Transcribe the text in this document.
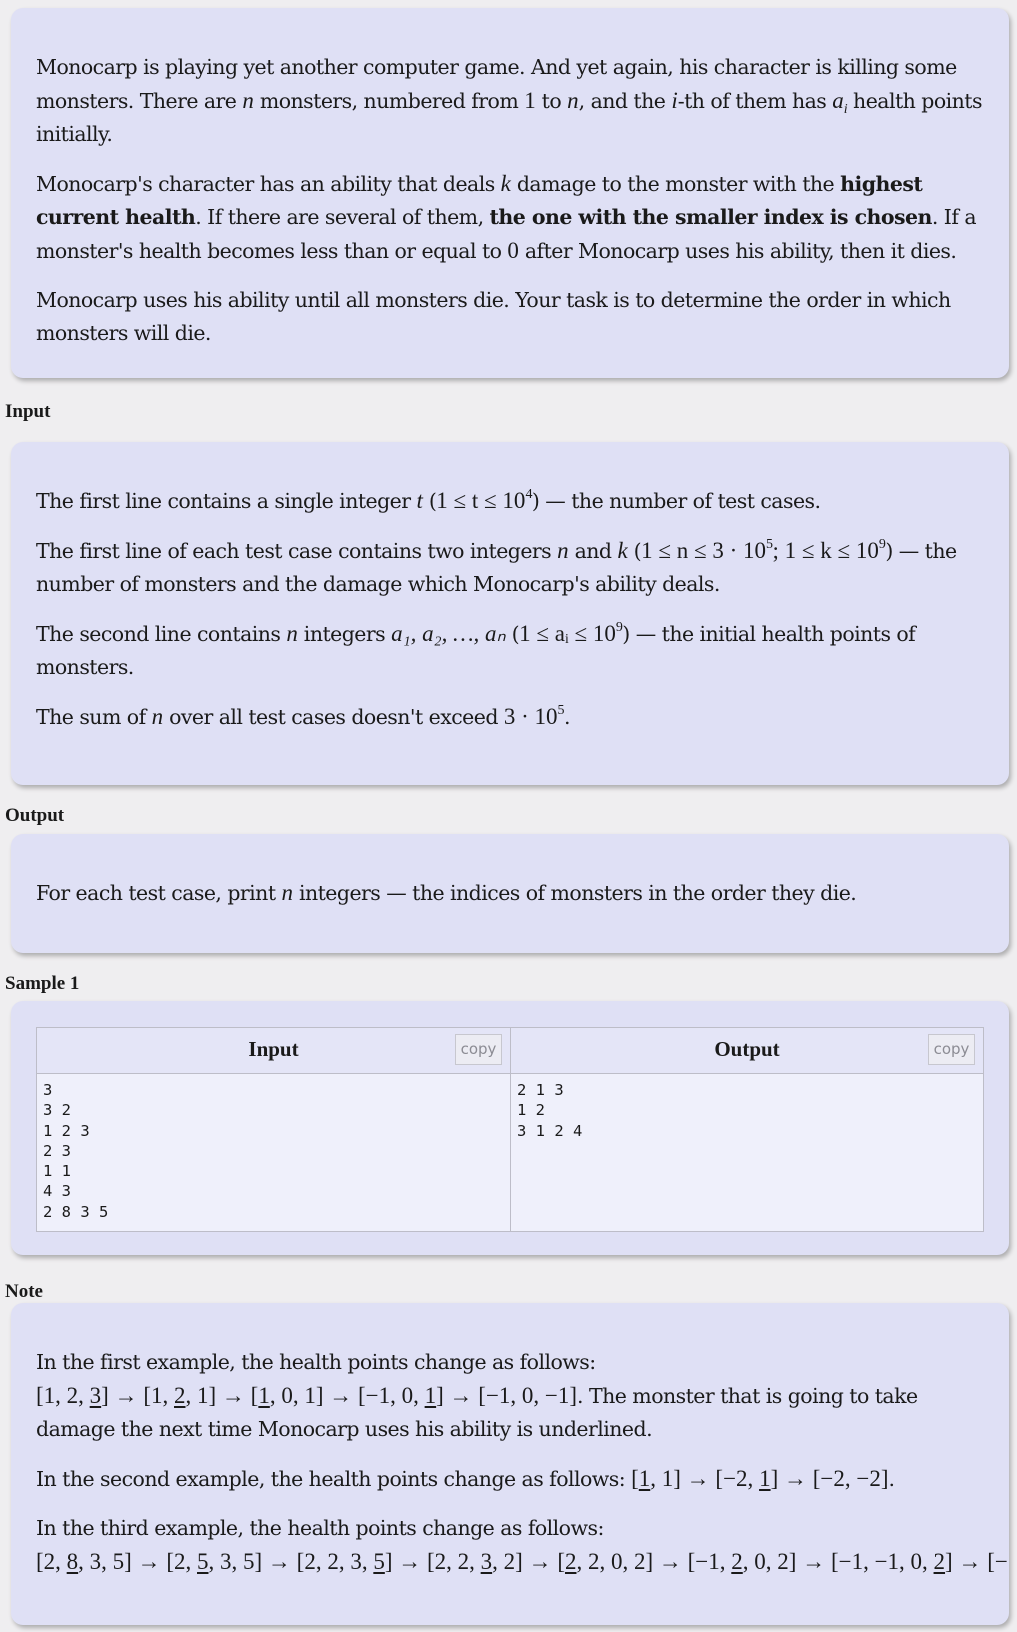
Monocarp is playing yet another computer game. And yet again, his character is killing some monsters. There are n monsters, numbered from 1 to n, and the i-th of them has $a_i$ health points initially.

Monocarp's character has an ability that deals k damage to the monster with the highest current health. If there are several of them, the one with the smaller index is chosen. If a monster's health becomes less than or equal to 0 after Monocarp uses his ability, then it dies.

Monocarp uses his ability until all monsters die. Your task is to determine the order in which monsters will die.

Input

The first line contains a single integer t $(1 \le t \le 10^4)$ — the number of test cases.

The first line of each test case contains two integers n and k ($1 \le n \le 3 \cdot 10^5$; $1 \le k \le 10^9$) — the number of monsters and the damage which Monocarp's ability deals.

The second line contains n integers a₁, a₂, …, aₙ (1 ≤ aᵢ ≤ $10^9$) — the initial health points of monsters.

The sum of n over all test cases doesn't exceed $3 \cdot 10^5$.

Output

For each test case, print n integers — the indices of monsters in the order they die.

Sample 1
Input	copy
3
3 2
1 2 3
2 3
1 1
4 3
2 8 3 5
Output	copy
2 1 3
1 2
3 1 2 4
Note

In the first example, the health points change as follows:
[1, 2, 3] → [1, 2, 1] → [1, 0, 1] → [−1, 0, 1] → [−1, 0, −1]. The monster that is going to take damage the next time Monocarp uses his ability is underlined.

In the second example, the health points change as follows: [1, 1] → [−2, 1] → [−2, −2].

In the third example, the health points change as follows:
[2, 8, 3, 5] → [2, 5, 3, 5] → [2, 2, 3, 5] → [2, 2, 3, 2] → [2, 2, 0, 2] → [−1, 2, 0, 2] → [−1, −1, 0, 2] → [−
